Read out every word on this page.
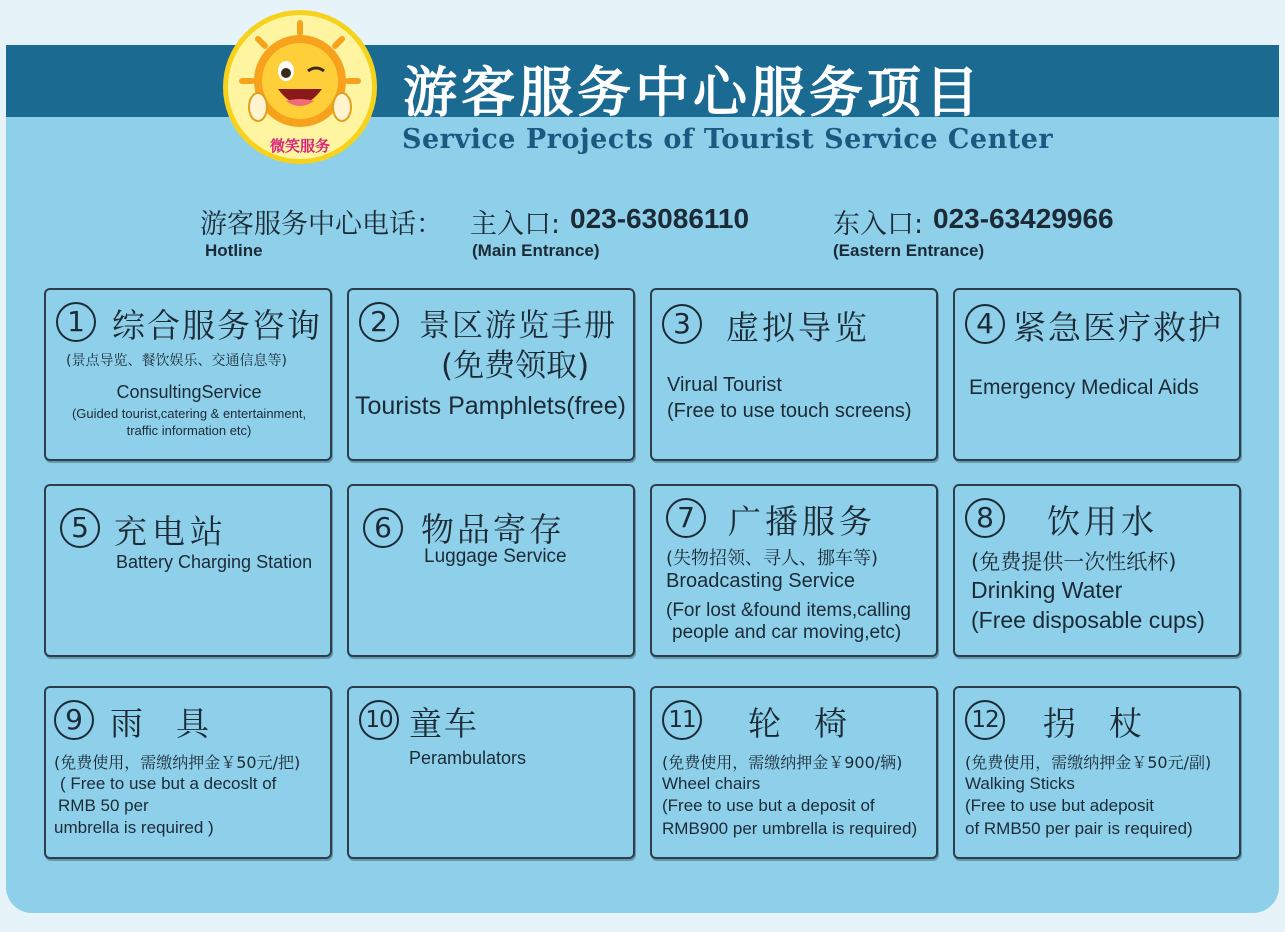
微笑服务
游客服务中心服务项目
Service Projects of Tourist Service Center
游客服务中心电话：
Hotline
主入口: 023-63086110
(Main Entrance)
东入口: 023-63429966
(Eastern Entrance)
1 综合服务咨询
(景点导览、餐饮娱乐、交通信息等)
ConsultingService
(Guided tourist,catering & entertainment,
traffic information etc)
2	景区游览手册
(免费领取)
Tourists Pamphlets(free)
3	虚拟导览
Virual Tourist
(Free to use touch screens)
4 紧急医疗救护
Emergency Medical Aids
5 充电站
Battery Charging Station
6 物品寄存
Luggage Service
7	广播服务
(失物招领、寻人、挪车等)
Broadcasting Service
(For lost &found items,calling
people and car moving,etc)
8	饮用水
(免费提供一次性纸杯)
Drinking Water
(Free disposable cups)
9 雨  具
(免费使用，需缴纳押金￥50元/把)
( Free to use but a decoslt of
RMB 50 per
umbrella is required )
10 童车
Perambulators
11 轮  椅
(免费使用，需缴纳押金￥900/辆)
Wheel chairs
(Free to use but a deposit of
RMB900 per umbrella is required)
12 拐  杖
(免费使用，需缴纳押金￥50元/副)
Walking Sticks
(Free to use but adeposit
of RMB50 per pair is required)
